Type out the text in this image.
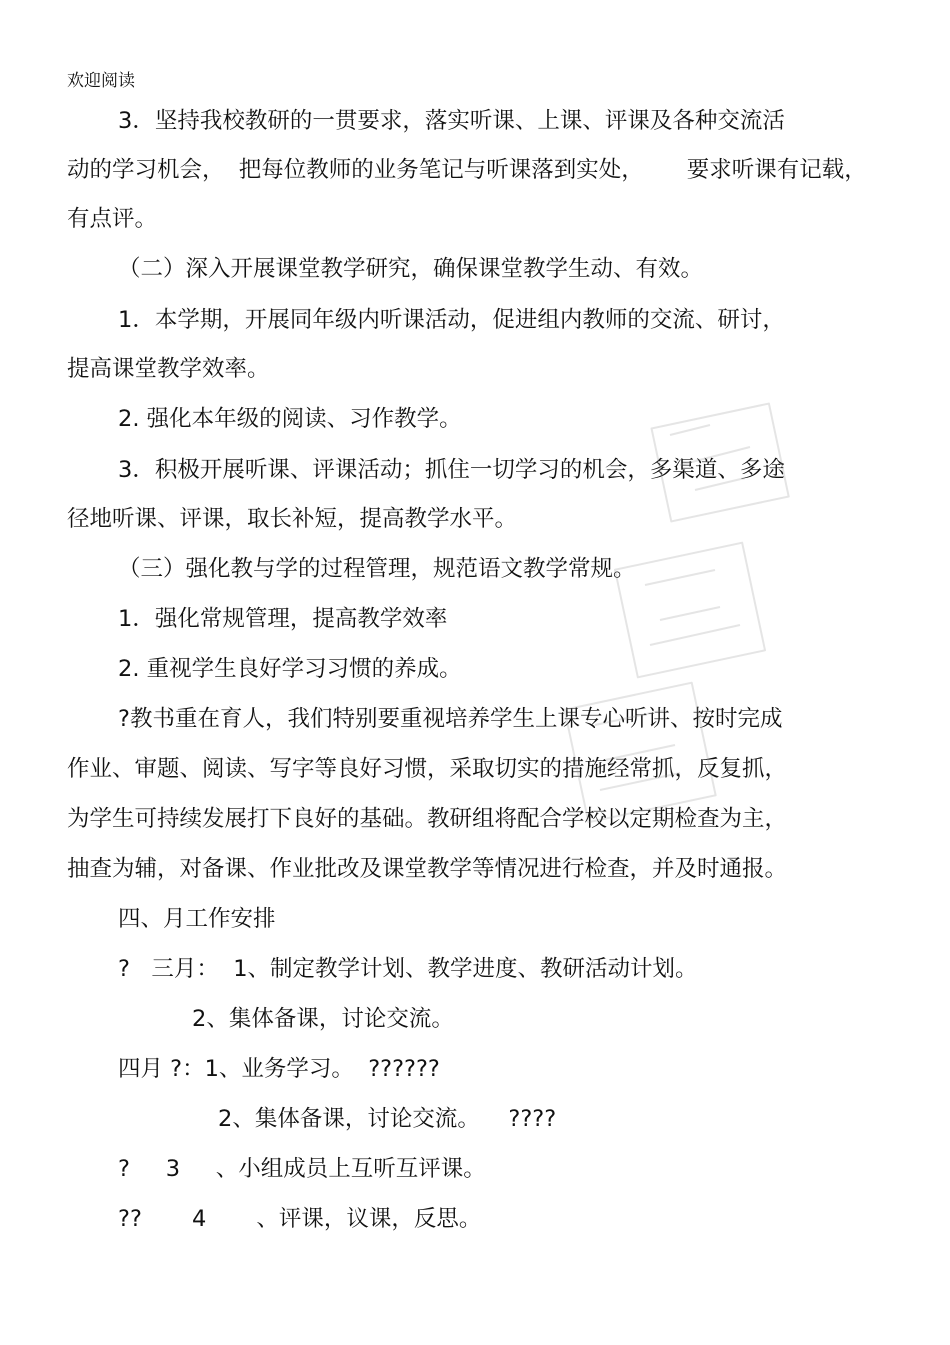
欢迎阅读
3．坚持我校教研的一贯要求，落实听课、上课、评课及各种交流活
动的学习机会，  把每位教师的业务笔记与听课落到实处，      要求听课有记载，
有点评。
（二）深入开展课堂教学研究，确保课堂教学生动、有效。
1．本学期，开展同年级内听课活动，促进组内教师的交流、研讨，
提高课堂教学效率。
2. 强化本年级的阅读、习作教学。
3．积极开展听课、评课活动；抓住一切学习的机会，多渠道、多途
径地听课、评课，取长补短，提高教学水平。
（三）强化教与学的过程管理，规范语文教学常规。
1．强化常规管理，提高教学效率
2. 重视学生良好学习习惯的养成。
?教书重在育人，我们特别要重视培养学生上课专心听讲、按时完成
作业、审题、阅读、写字等良好习惯，采取切实的措施经常抓，反复抓，
为学生可持续发展打下良好的基础。教研组将配合学校以定期检查为主，
抽查为辅，对备课、作业批改及课堂教学等情况进行检查，并及时通报。
四、月工作安排
?   三月：  1、制定教学计划、教学进度、教研活动计划。
2、集体备课，讨论交流。
四月 ?：1、业务学习。  ??????
2、集体备课，讨论交流。    ????
?     3     、小组成员上互听互评课。
??       4       、评课，议课，反思。
